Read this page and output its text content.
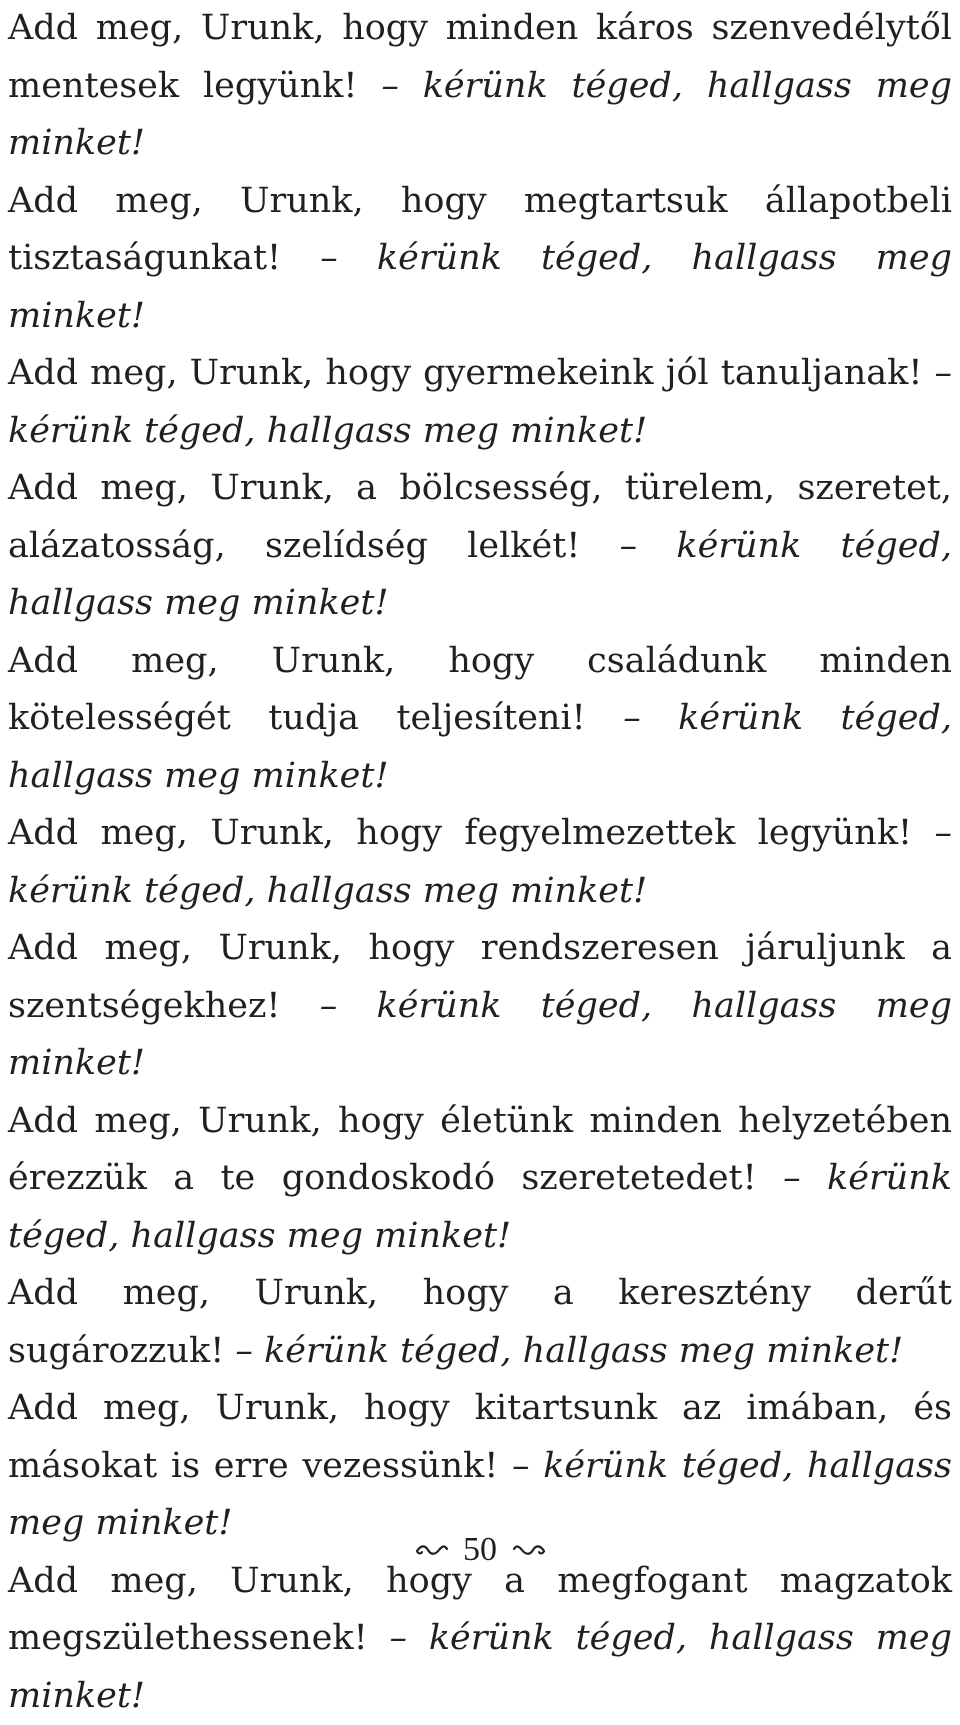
Add meg, Urunk, hogy minden káros szenvedélytől mentesek legyünk! – kérünk téged, hallgass meg minket!

Add meg, Urunk, hogy megtartsuk állapotbeli tisztaságunkat! – kérünk téged, hallgass meg minket!

Add meg, Urunk, hogy gyermekeink jól tanuljanak! – kérünk téged, hallgass meg minket!

Add meg, Urunk, a bölcsesség, türelem, szeretet, alázatosság, szelídség lelkét! – kérünk téged, hallgass meg minket!

Add meg, Urunk, hogy családunk minden kötelességét tudja teljesíteni! – kérünk téged, hallgass meg minket!

Add meg, Urunk, hogy fegyelmezettek legyünk! – kérünk téged, hallgass meg minket!

Add meg, Urunk, hogy rendszeresen járuljunk a szentségekhez! – kérünk téged, hallgass meg minket!

Add meg, Urunk, hogy életünk minden helyzetében érezzük a te gondoskodó szeretetedet! – kérünk téged, hallgass meg minket!

Add meg, Urunk, hogy a keresztény derűt sugározzuk! – kérünk téged, hallgass meg minket!

Add meg, Urunk, hogy kitartsunk az imában, és másokat is erre vezessünk! – kérünk téged, hallgass meg minket!

Add meg, Urunk, hogy a megfogant magzatok megszülethessenek! – kérünk téged, hallgass meg minket!

50
